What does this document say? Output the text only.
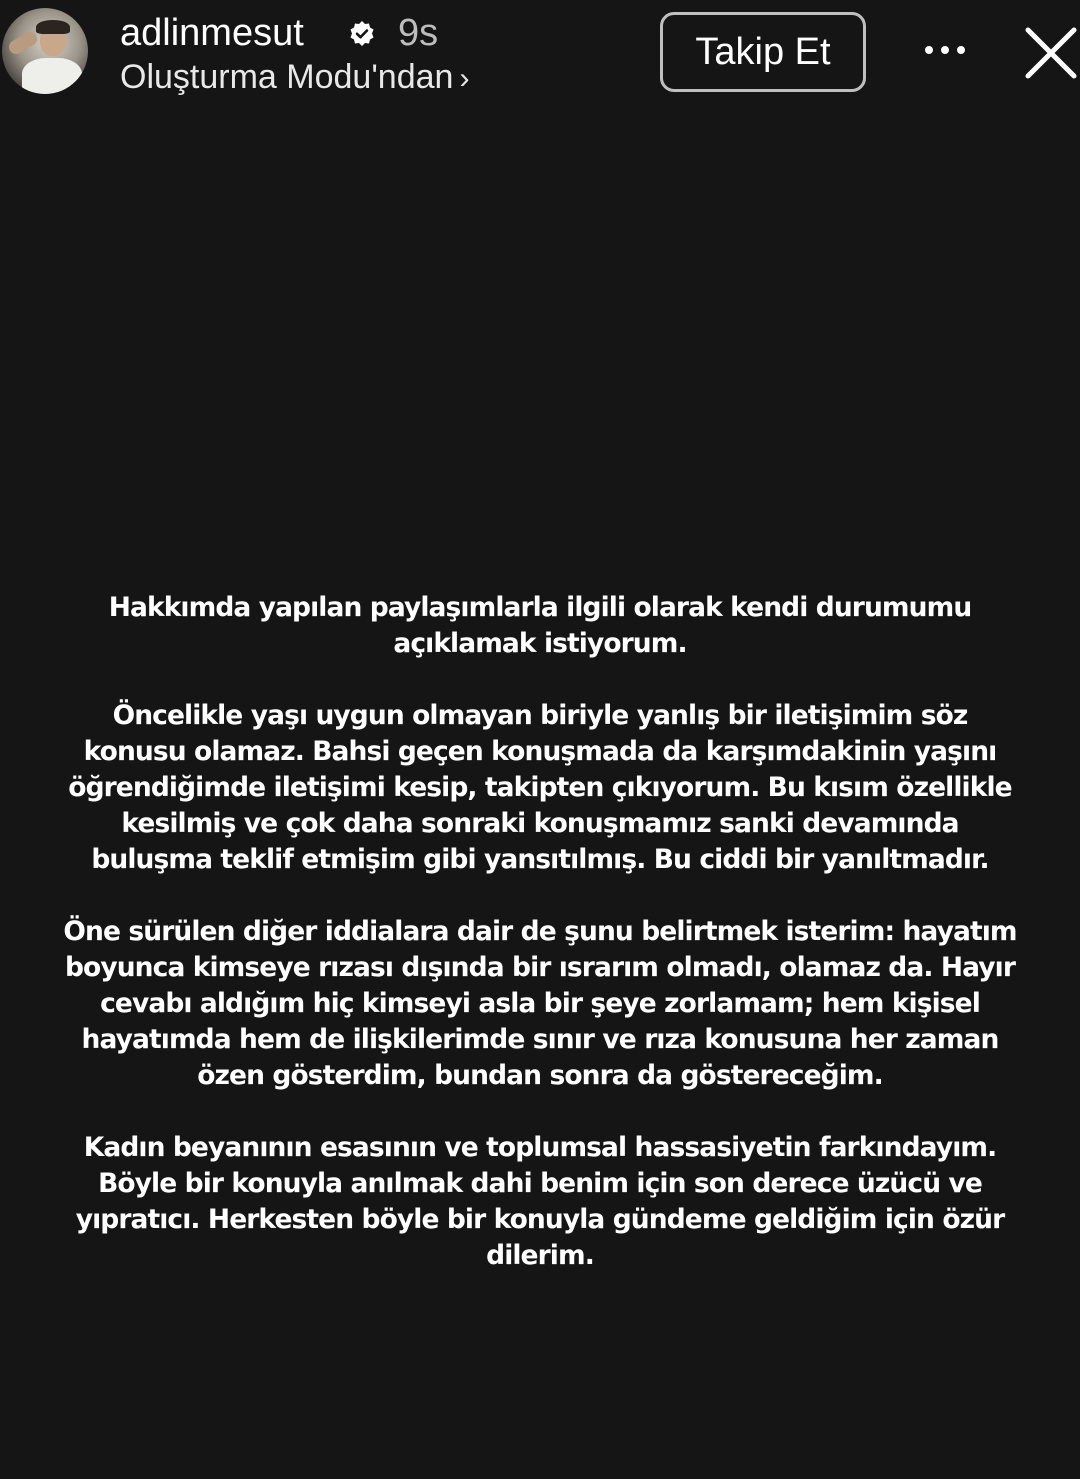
adlinmesut 9s
Oluşturma Modu'ndan ›
Takip Et

Hakkımda yapılan paylaşımlarla ilgili olarak kendi durumumu açıklamak istiyorum.

Öncelikle yaşı uygun olmayan biriyle yanlış bir iletişimim söz konusu olamaz. Bahsi geçen konuşmada da karşımdakinin yaşını öğrendiğimde iletişimi kesip, takipten çıkıyorum. Bu kısım özellikle kesilmiş ve çok daha sonraki konuşmamız sanki devamında buluşma teklif etmişim gibi yansıtılmış. Bu ciddi bir yanıltmadır.

Öne sürülen diğer iddialara dair de şunu belirtmek isterim: hayatım boyunca kimseye rızası dışında bir ısrarım olmadı, olamaz da. Hayır cevabı aldığım hiç kimseyi asla bir şeye zorlamam; hem kişisel hayatımda hem de ilişkilerimde sınır ve rıza konusuna her zaman özen gösterdim, bundan sonra da göstereceğim.

Kadın beyanının esasının ve toplumsal hassasiyetin farkındayım. Böyle bir konuyla anılmak dahi benim için son derece üzücü ve yıpratıcı. Herkesten böyle bir konuyla gündeme geldiğim için özür dilerim.
